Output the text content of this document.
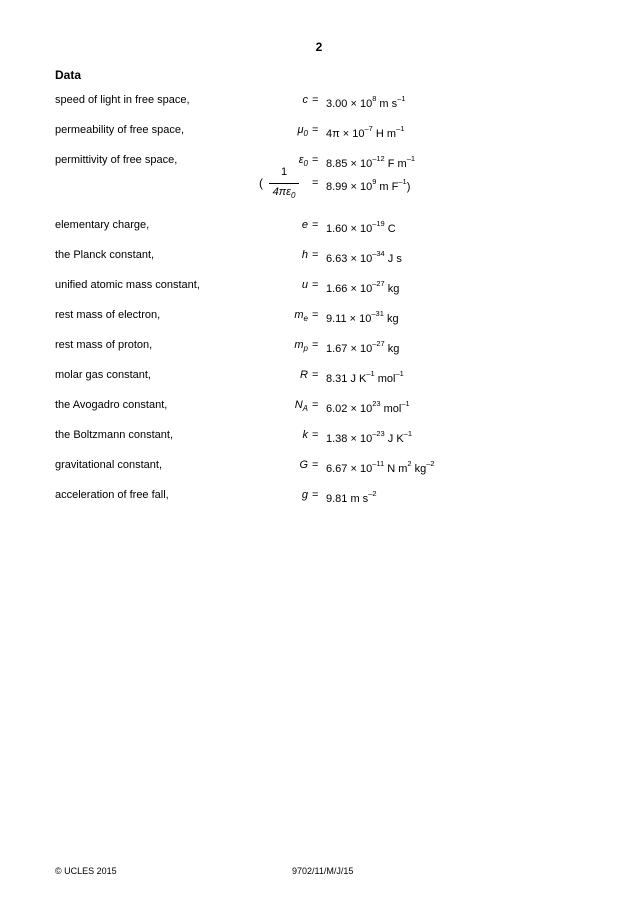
2
Data
speed of light in free space,	$c = 3.00 \times 10^8$ m $s^{-1}$
permeability of free space,	$\mu_0 = 4\pi \times 10^{-7}$ H $m^{-1}$
permittivity of free space,	$\varepsilon_0 = 8.85 \times 10^{-12}$ F $m^{-1}$
(
1
$4\pi\varepsilon_0$
= $8.99 \times 10^9$ m $F^{-1}$)
elementary charge,	$e = 1.60 \times 10^{-19}$ C
the Planck constant,	$h = 6.63 \times 10^{-34}$ J s
unified atomic mass constant,	$u = 1.66 \times 10^{-27}$ kg
rest mass of electron,	$m_e = 9.11 \times 10^{-31}$ kg
rest mass of proton,	$m_p = 1.67 \times 10^{-27}$ kg
molar gas constant,	R = 8.31 J $K^{-1}$ mol$^{-1}$
the Avogadro constant,	$N_A = 6.02 \times 10^{23}$ mol$^{-1}$
the Boltzmann constant,	$k = 1.38 \times 10^{-23}$ J $K^{-1}$
gravitational constant,	$G = 6.67 \times 10^{-11}$ N $m^2$ $kg^{-2}$
acceleration of free fall,	g = 9.81 m $s^{-2}$
© UCLES 2015	9702/11/M/J/15
